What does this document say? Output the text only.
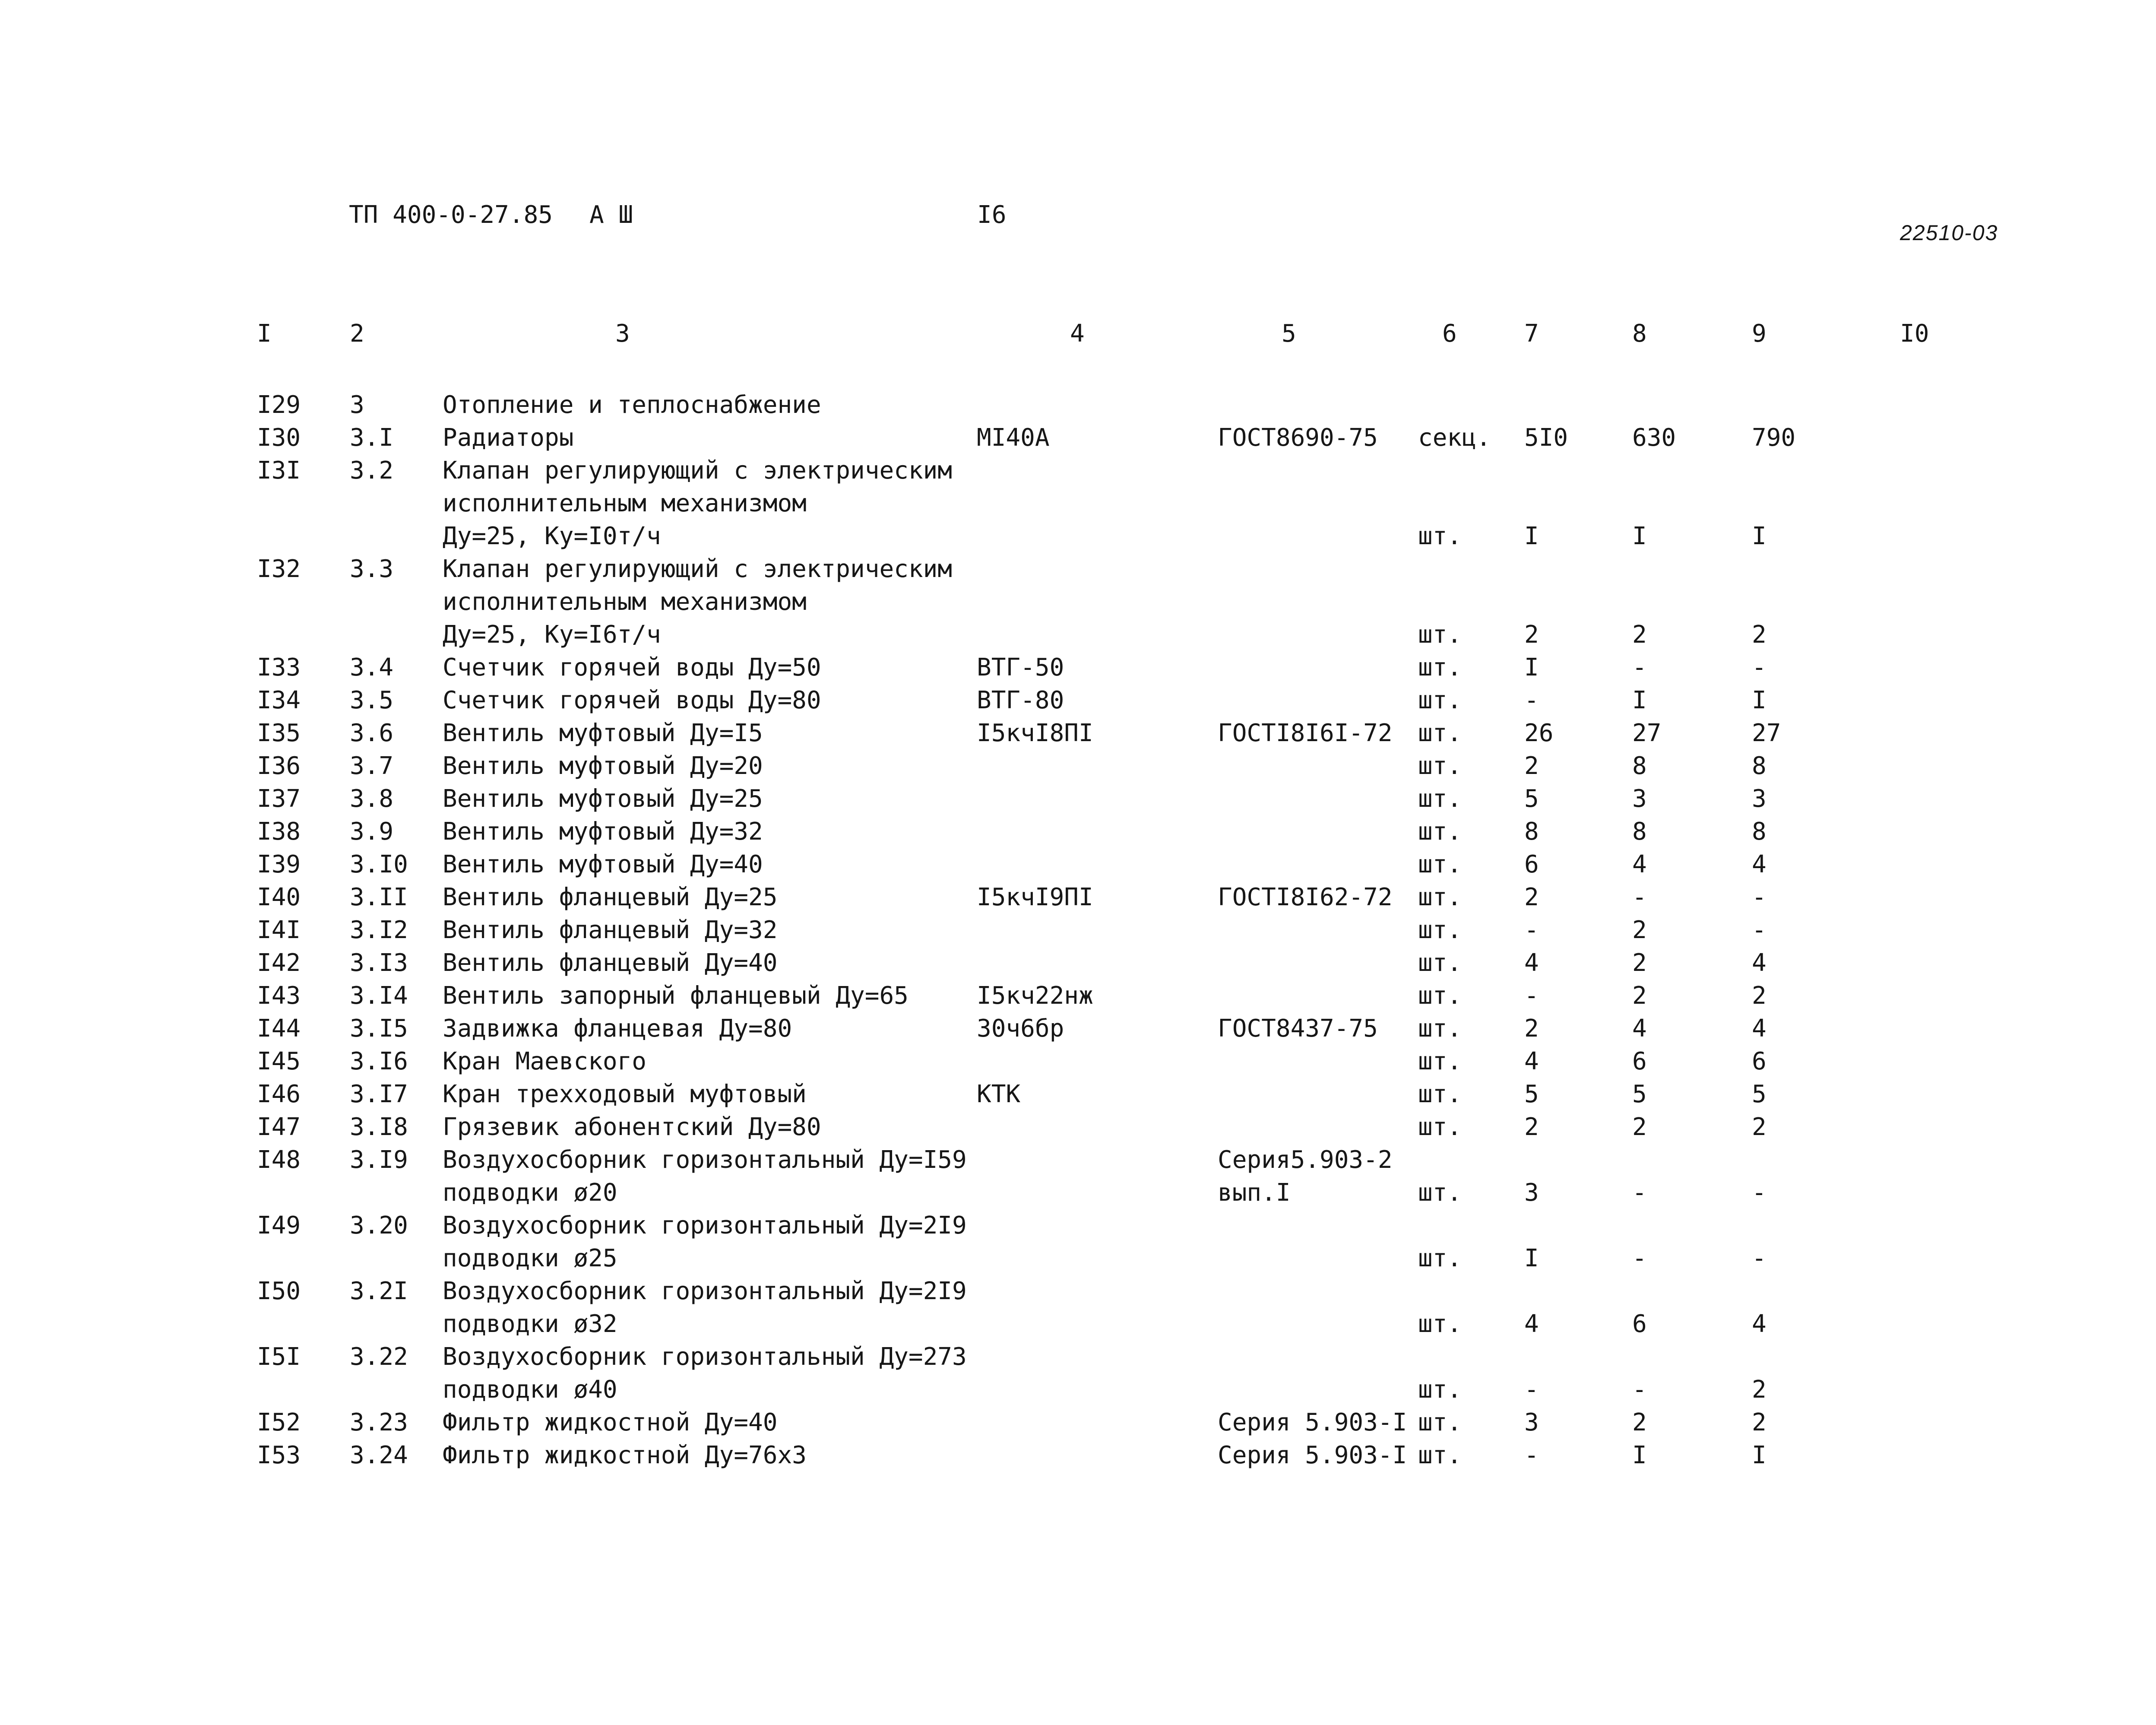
ТП 400-0-27.85 А Ш	I6
22510-03
I	2	3	4	5	6	7	8	9	I0
I29 3	Отопление и теплоснабжение
I30 3.I Радиаторы	МI40А	ГОСТ8690-75 секц. 5I0	630	790
I3I 3.2 Клапан регулирующий с электрическим
исполнительным механизмом
Ду=25, Ку=I0т/ч	шт.	I	I	I
I32 3.3 Клапан регулирующий с электрическим
исполнительным механизмом
Ду=25, Ку=I6т/ч	шт.	2	2	2
I33 3.4 Счетчик горячей воды Ду=50	ВТГ-50	шт.	I	-	-
I34 3.5 Счетчик горячей воды Ду=80	ВТГ-80	шт.	-	I	I
I35 3.6 Вентиль муфтовый Ду=I5	I5кчI8ПI	ГОСТI8I6I-72 шт.	26	27	27
I36 3.7 Вентиль муфтовый Ду=20	шт.	2	8	8
I37 3.8 Вентиль муфтовый Ду=25	шт.	5	3	3
I38 3.9 Вентиль муфтовый Ду=32	шт.	8	8	8
I39 3.I0 Вентиль муфтовый Ду=40	шт.	6	4	4
I40 3.II Вентиль фланцевый Ду=25	I5кчI9ПI	ГОСТI8I62-72 шт.	2	-	-
I4I 3.I2 Вентиль фланцевый Ду=32	шт.	-	2	-
I42 3.I3 Вентиль фланцевый Ду=40	шт.	4	2	4
I43 3.I4 Вентиль запорный фланцевый Ду=65	I5кч22нж	шт.	-	2	2
I44 3.I5 Задвижка фланцевая Ду=80	30ч6бр	ГОСТ8437-75 шт.	2	4	4
I45 3.I6 Кран Маевского	шт.	4	6	6
I46 3.I7 Кран трехходовый муфтовый	КТК	шт.	5	5	5
I47 3.I8 Грязевик абонентский Ду=80	шт.	2	2	2
I48 3.I9 Воздухосборник горизонтальный Ду=I59	Серия5.903-2
подводки ø20	вып.I	шт.	3	-	-
I49 3.20 Воздухосборник горизонтальный Ду=2I9
подводки ø25	шт.	I	-	-
I50 3.2I Воздухосборник горизонтальный Ду=2I9
подводки ø32	шт.	4	6	4
I5I 3.22 Воздухосборник горизонтальный Ду=273
подводки ø40	шт.	-	-	2
I52 3.23 Фильтр жидкостной Ду=40	Серия 5.903-I шт.	3	2	2
I53 3.24 Фильтр жидкостной Ду=76х3	Серия 5.903-I шт.	-	I	I
